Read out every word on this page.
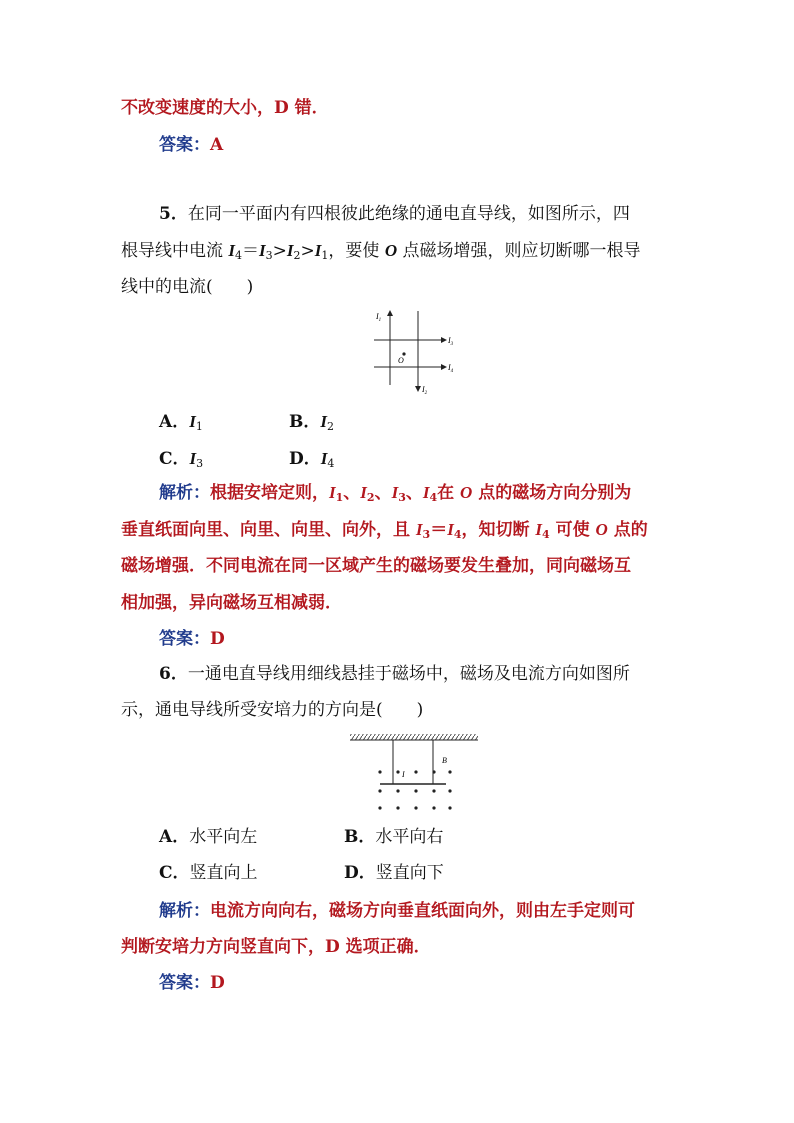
不改变速度的大小，D 错．
答案：A
5．在同一平面内有四根彼此绝缘的通电直导线，如图所示，四
根导线中电流 $I_4=I_3>I_2>I_1$，要使 O 点磁场增强，则应切断哪一根导
线中的电流(　　)
$I_1$
$I_2$
$I_3$
$I_4$
O
A．$I_1$	B．$I_2$
C．$I_3$	D．$I_4$
解析：根据安培定则，$I_1$、$I_2$、$I_3$、$I_4$在 O 点的磁场方向分别为
垂直纸面向里、向里、向里、向外，且 $I_3=I_4$，知切断 $I_4$ 可使 O 点的
磁场增强．不同电流在同一区域产生的磁场要发生叠加，同向磁场互
相加强，异向磁场互相减弱．
答案：D
6．一通电直导线用细线悬挂于磁场中，磁场及电流方向如图所
示，通电导线所受安培力的方向是(　　)
I
B
A．水平向左	B．水平向右
C．竖直向上	D．竖直向下
解析：电流方向向右，磁场方向垂直纸面向外，则由左手定则可
判断安培力方向竖直向下，D 选项正确．
答案：D
